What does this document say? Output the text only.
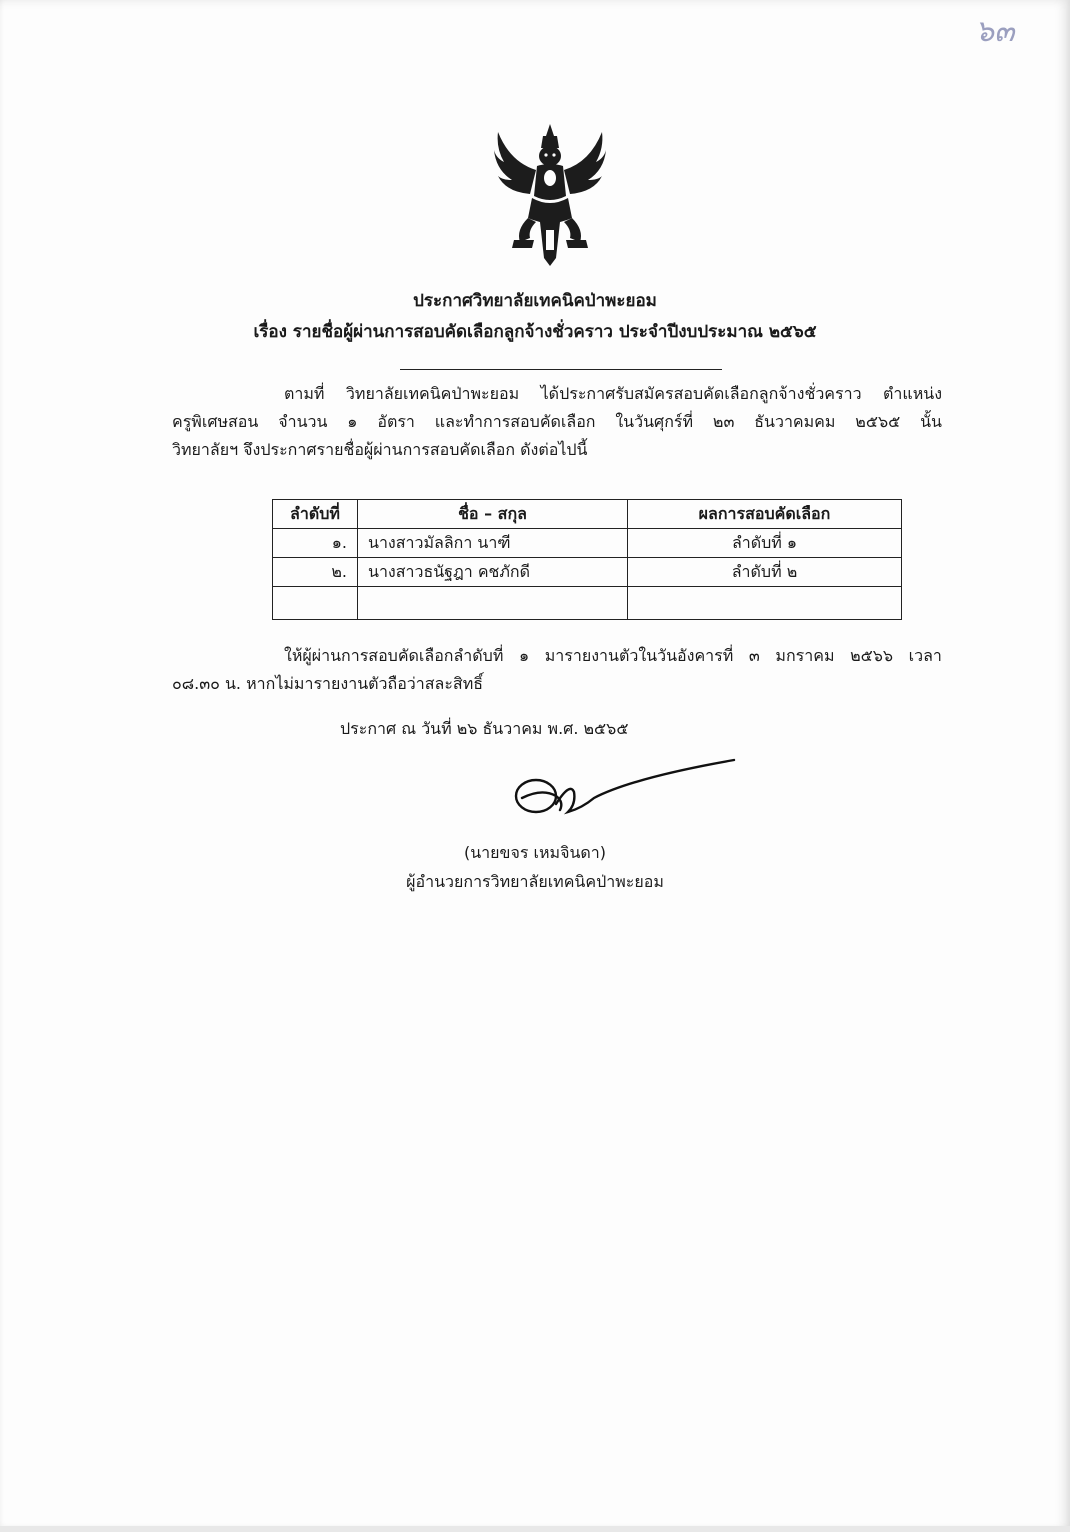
๖๓
ประกาศวิทยาลัยเทคนิคป่าพะยอม
เรื่อง รายชื่อผู้ผ่านการสอบคัดเลือกลูกจ้างชั่วคราว ประจำปีงบประมาณ ๒๕๖๕
ตามที่ วิทยาลัยเทคนิคป่าพะยอม ได้ประกาศรับสมัครสอบคัดเลือกลูกจ้างชั่วคราว ตำแหน่ง
ครูพิเศษสอน จำนวน ๑ อัตรา และทำการสอบคัดเลือก ในวันศุกร์ที่ ๒๓ ธันวาคมคม ๒๕๖๕ นั้น
วิทยาลัยฯ จึงประกาศรายชื่อผู้ผ่านการสอบคัดเลือก ดังต่อไปนี้
ลำดับที่	ชื่อ – สกุล	ผลการสอบคัดเลือก
๑.	นางสาวมัลลิกา นาฑี	ลำดับที่ ๑
๒.	นางสาวธนัฐฎา คชภักดี	ลำดับที่ ๒

ให้ผู้ผ่านการสอบคัดเลือกลำดับที่ ๑ มารายงานตัวในวันอังคารที่ ๓ มกราคม ๒๕๖๖ เวลา
๐๘.๓๐ น. หากไม่มารายงานตัวถือว่าสละสิทธิ์
ประกาศ ณ วันที่ ๒๖ ธันวาคม พ.ศ. ๒๕๖๕
(นายขจร เหมจินดา)
ผู้อำนวยการวิทยาลัยเทคนิคป่าพะยอม
